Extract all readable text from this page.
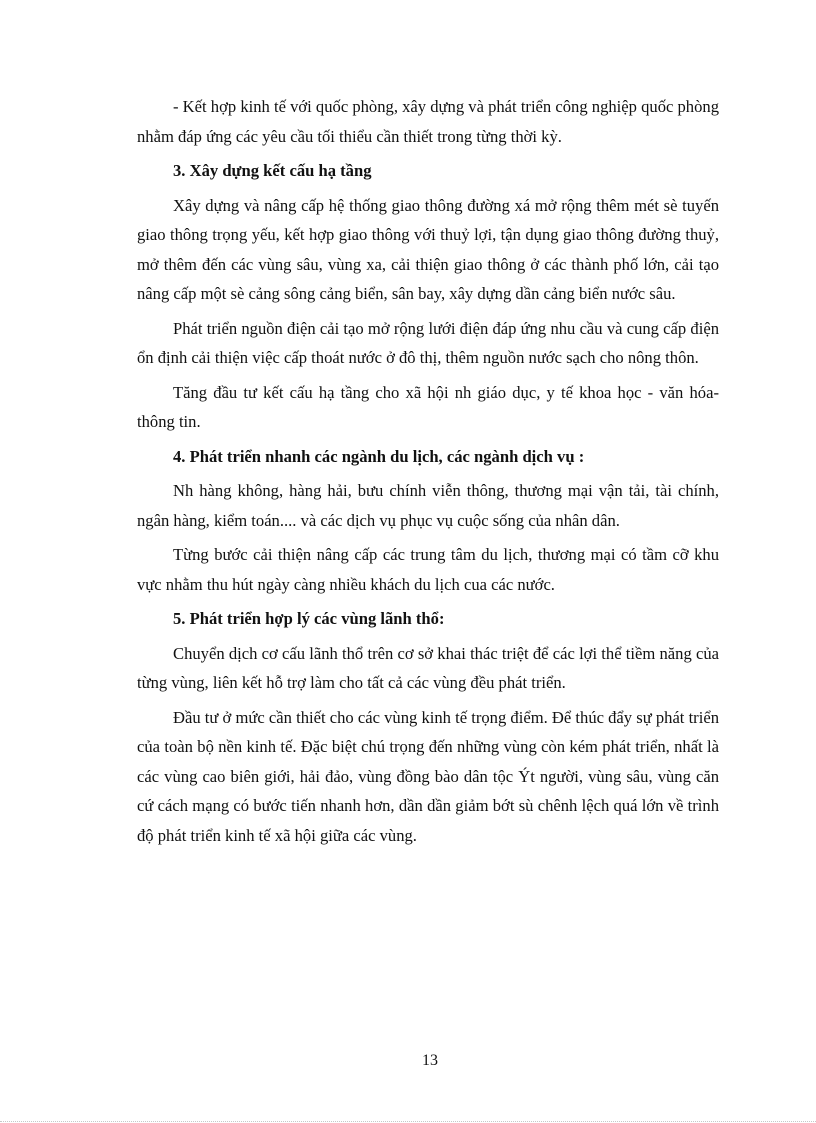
- Kết hợp kinh tế với quốc phòng, xây dựng và phát triển công nghiệp quốc phòng nhằm đáp ứng các yêu cầu tối thiểu cần thiết trong từng thời kỳ.

3. Xây dựng kết cấu hạ tầng

Xây dựng và nâng cấp hệ thống giao thông đường xá mở rộng thêm mét sè tuyến giao thông trọng yếu, kết hợp giao thông với thuỷ lợi, tận dụng giao thông đường thuỷ, mở thêm đến các vùng sâu, vùng xa, cải thiện giao thông ở các thành phố lớn, cải tạo nâng cấp một sè cảng sông cảng biển, sân bay, xây dựng dần cảng biển nước sâu.

Phát triển nguồn điện cải tạo mở rộng lưới điện đáp ứng nhu cầu và cung cấp điện ổn định cải thiện việc cấp thoát nước ở đô thị, thêm nguồn nước sạch cho nông thôn.

Tăng đầu tư kết cấu hạ tầng cho xã hội nh giáo dục, y tế khoa học - văn hóa- thông tin.

4. Phát triển nhanh các ngành du lịch, các ngành dịch vụ :

Nh hàng không, hàng hải, bưu chính viễn thông, thương mại vận tải, tài chính, ngân hàng, kiểm toán.... và các dịch vụ phục vụ cuộc sống của nhân dân.

Từng bước cải thiện nâng cấp các trung tâm du lịch, thương mại có tầm cỡ khu vực nhằm thu hút ngày càng nhiều khách du lịch cua các nước.

5. Phát triển hợp lý các vùng lãnh thổ:

Chuyển dịch cơ cấu lãnh thổ trên cơ sở khai thác triệt để các lợi thể tiềm năng của từng vùng, liên kết hỗ trợ làm cho tất cả các vùng đều phát triển.

Đầu tư ở mức cần thiết cho các vùng kinh tế trọng điểm. Để thúc đẩy sự phát triển của toàn bộ nền kinh tế. Đặc biệt chú trọng đến những vùng còn kém phát triển, nhất là các vùng cao biên giới, hải đảo, vùng đồng bào dân tộc Ýt người, vùng sâu, vùng căn cứ cách mạng có bước tiến nhanh hơn, dần dần giảm bớt sù chênh lệch quá lớn về trình độ phát triển kinh tế xã hội giữa các vùng.

13
